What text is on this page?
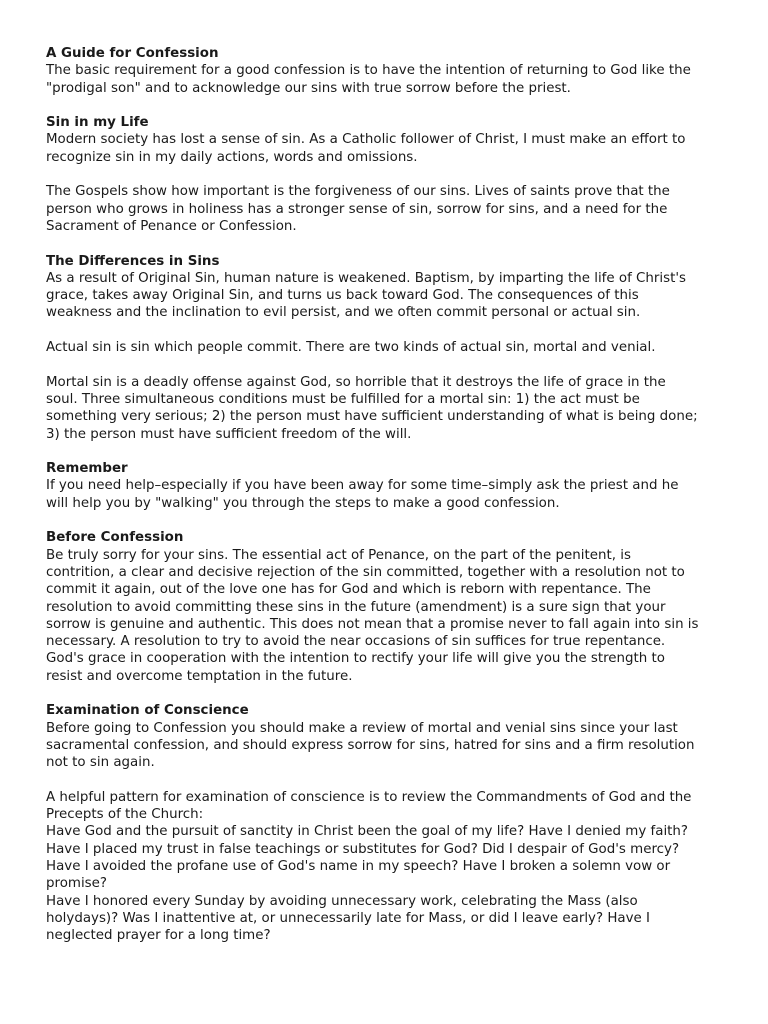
A Guide for Confession
The basic requirement for a good confession is to have the intention of returning to God like the
"prodigal son" and to acknowledge our sins with true sorrow before the priest.
Sin in my Life
Modern society has lost a sense of sin. As a Catholic follower of Christ, I must make an effort to
recognize sin in my daily actions, words and omissions.
The Gospels show how important is the forgiveness of our sins. Lives of saints prove that the
person who grows in holiness has a stronger sense of sin, sorrow for sins, and a need for the
Sacrament of Penance or Confession.
The Differences in Sins
As a result of Original Sin, human nature is weakened. Baptism, by imparting the life of Christ's
grace, takes away Original Sin, and turns us back toward God. The consequences of this
weakness and the inclination to evil persist, and we often commit personal or actual sin.
Actual sin is sin which people commit. There are two kinds of actual sin, mortal and venial.
Mortal sin is a deadly offense against God, so horrible that it destroys the life of grace in the
soul. Three simultaneous conditions must be fulfilled for a mortal sin: 1) the act must be
something very serious; 2) the person must have sufficient understanding of what is being done;
3) the person must have sufficient freedom of the will.
Remember
If you need help–especially if you have been away for some time–simply ask the priest and he
will help you by "walking" you through the steps to make a good confession.
Before Confession
Be truly sorry for your sins. The essential act of Penance, on the part of the penitent, is
contrition, a clear and decisive rejection of the sin committed, together with a resolution not to
commit it again, out of the love one has for God and which is reborn with repentance. The
resolution to avoid committing these sins in the future (amendment) is a sure sign that your
sorrow is genuine and authentic. This does not mean that a promise never to fall again into sin is
necessary. A resolution to try to avoid the near occasions of sin suffices for true repentance.
God's grace in cooperation with the intention to rectify your life will give you the strength to
resist and overcome temptation in the future.
Examination of Conscience
Before going to Confession you should make a review of mortal and venial sins since your last
sacramental confession, and should express sorrow for sins, hatred for sins and a firm resolution
not to sin again.
A helpful pattern for examination of conscience is to review the Commandments of God and the
Precepts of the Church:
Have God and the pursuit of sanctity in Christ been the goal of my life? Have I denied my faith?
Have I placed my trust in false teachings or substitutes for God? Did I despair of God's mercy?
Have I avoided the profane use of God's name in my speech? Have I broken a solemn vow or
promise?
Have I honored every Sunday by avoiding unnecessary work, celebrating the Mass (also
holydays)? Was I inattentive at, or unnecessarily late for Mass, or did I leave early? Have I
neglected prayer for a long time?
